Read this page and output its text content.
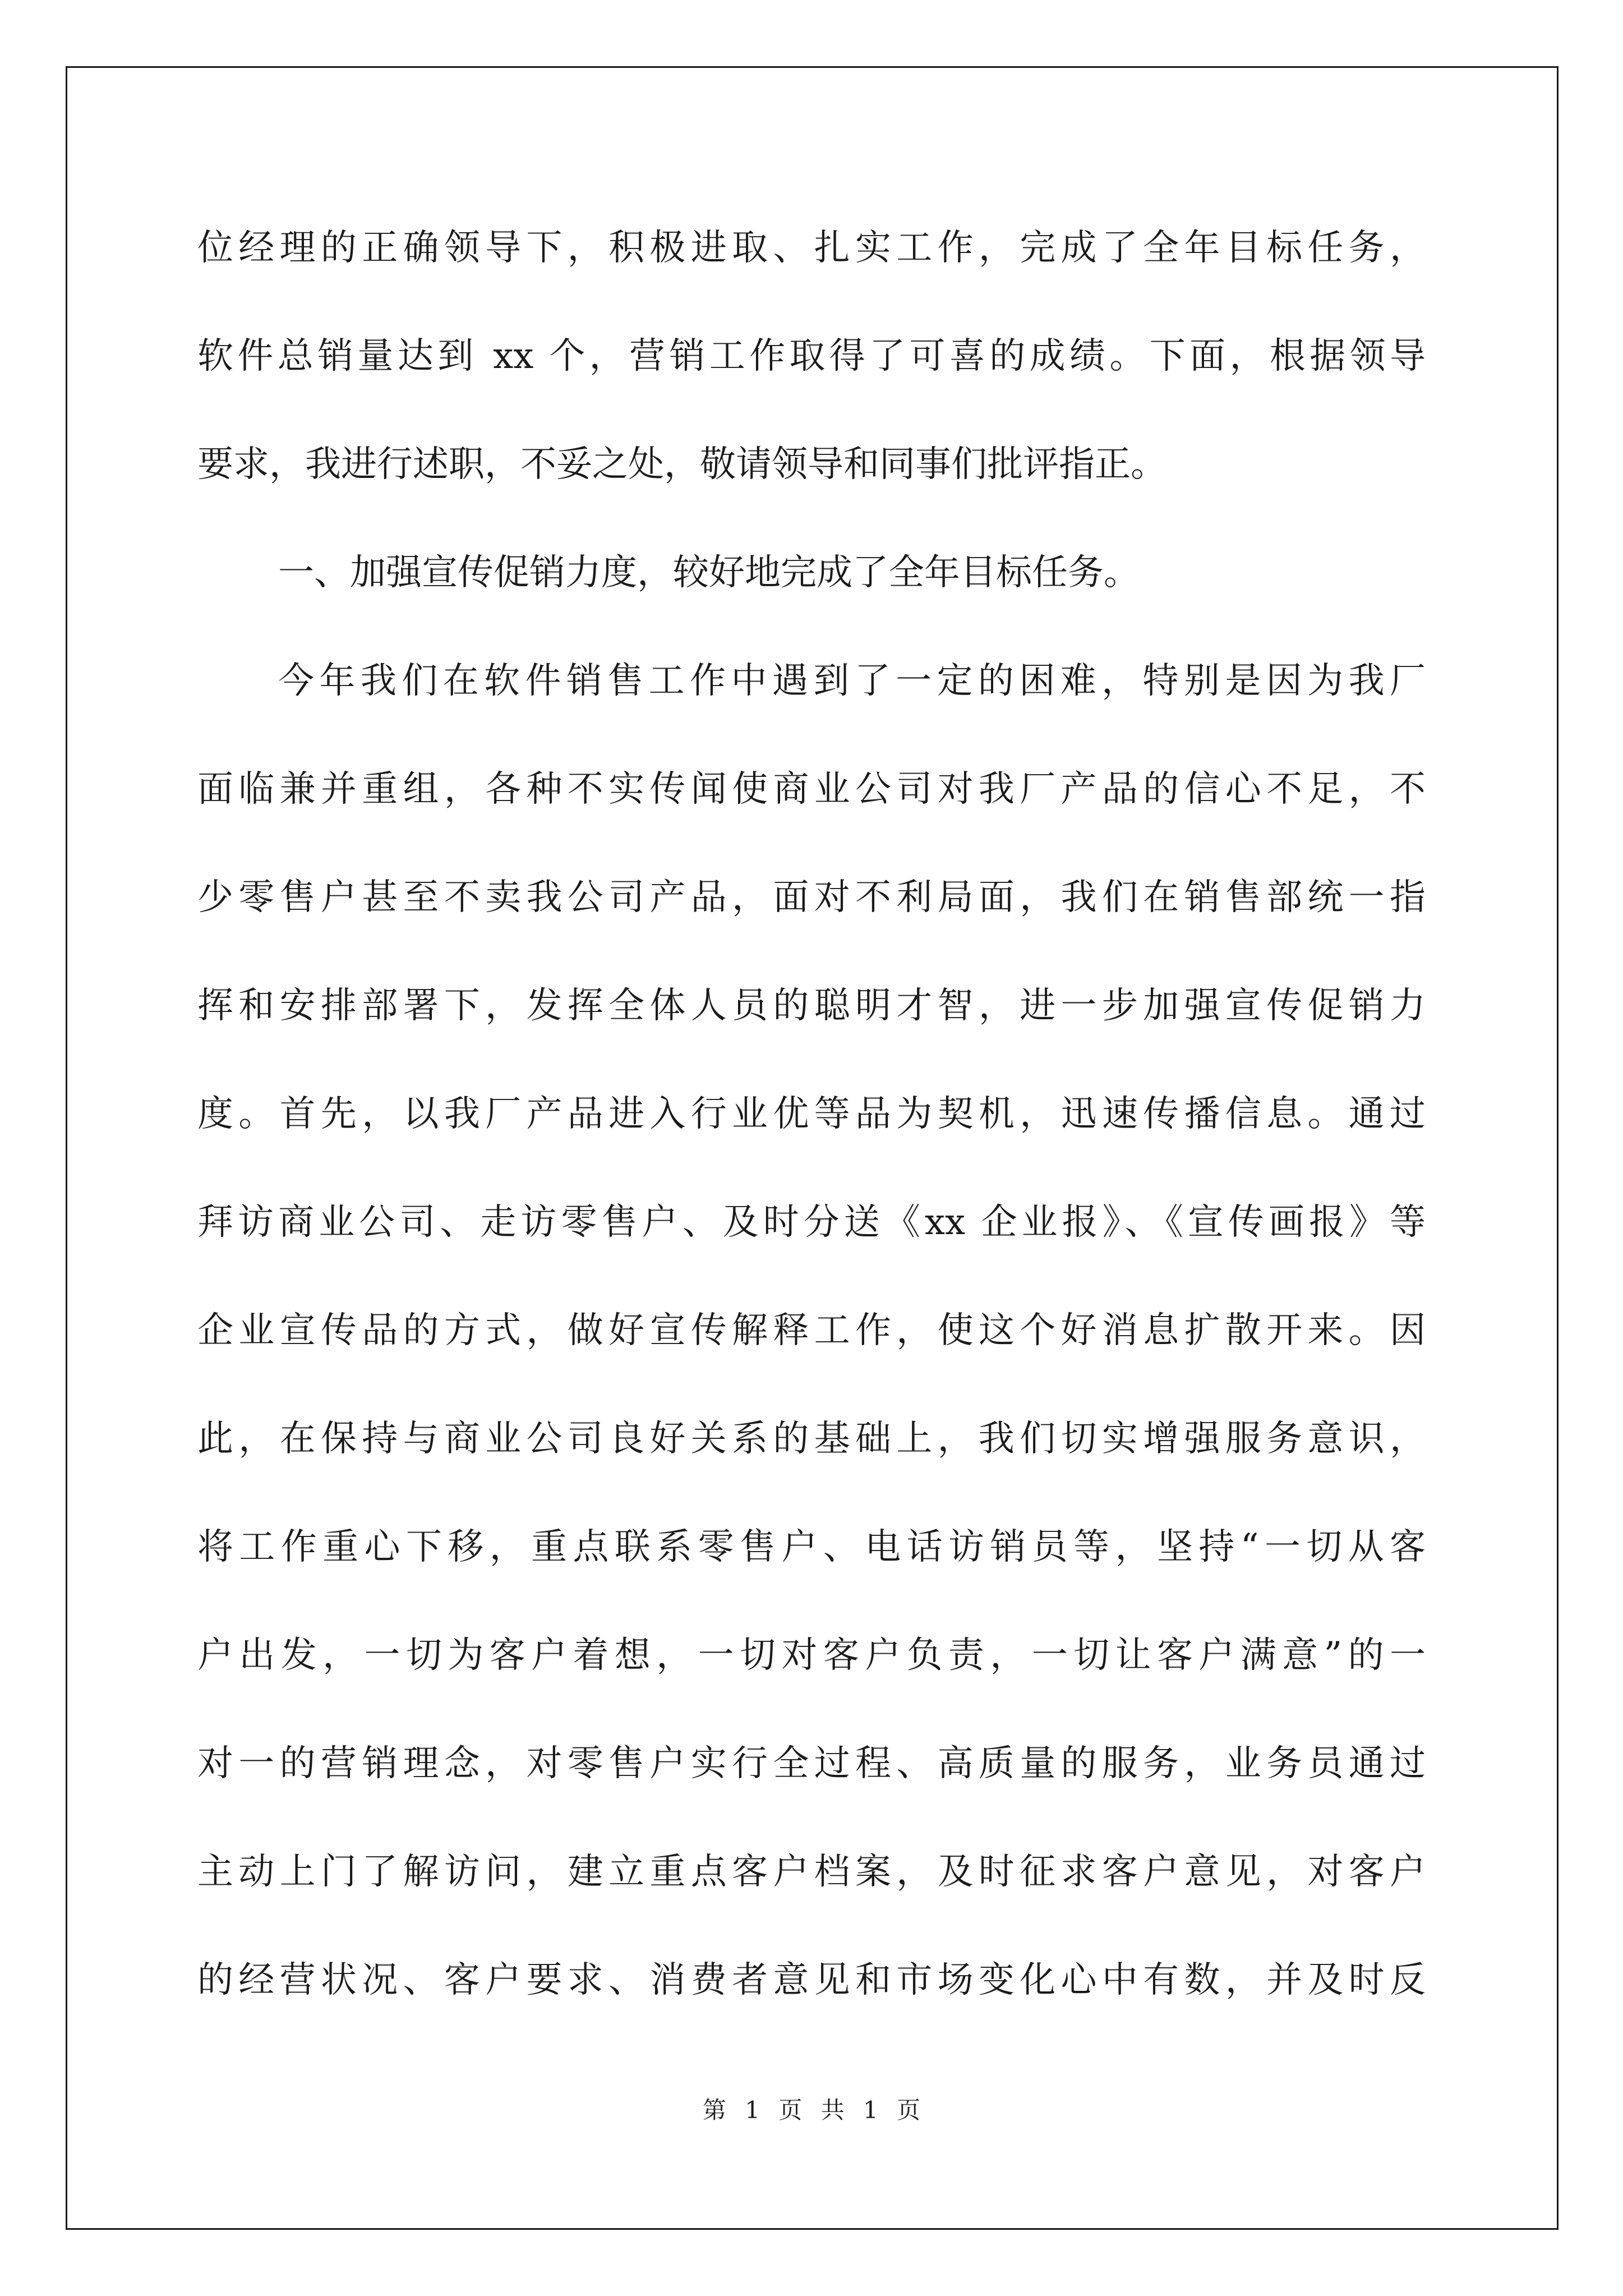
位经理的正确领导下，积极进取、扎实工作，完成了全年目标任务，
软件总销量达到 xx 个，营销工作取得了可喜的成绩。下面，根据领导
要求，我进行述职，不妥之处，敬请领导和同事们批评指正。
一、加强宣传促销力度，较好地完成了全年目标任务。
今年我们在软件销售工作中遇到了一定的困难，特别是因为我厂
面临兼并重组，各种不实传闻使商业公司对我厂产品的信心不足，不
少零售户甚至不卖我公司产品，面对不利局面，我们在销售部统一指
挥和安排部署下，发挥全体人员的聪明才智，进一步加强宣传促销力
度。首先，以我厂产品进入行业优等品为契机，迅速传播信息。通过
拜访商业公司、走访零售户、及时分送《xx 企业报》、《宣传画报》等
企业宣传品的方式，做好宣传解释工作，使这个好消息扩散开来。因
此，在保持与商业公司良好关系的基础上，我们切实增强服务意识，
将工作重心下移，重点联系零售户、电话访销员等，坚持“一切从客
户出发，一切为客户着想，一切对客户负责，一切让客户满意”的一
对一的营销理念，对零售户实行全过程、高质量的服务，业务员通过
主动上门了解访问，建立重点客户档案，及时征求客户意见，对客户
的经营状况、客户要求、消费者意见和市场变化心中有数，并及时反
第 1 页 共 1 页
